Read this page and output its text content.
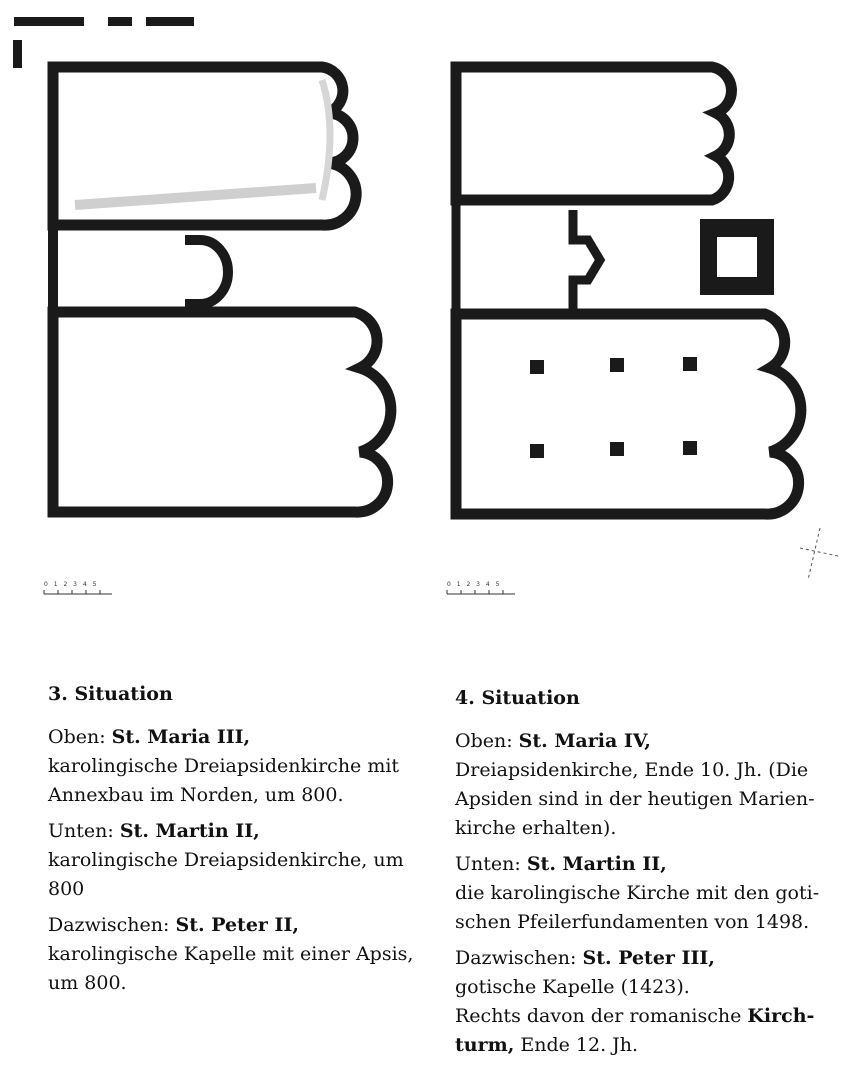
0 1 2 3 4 5	0 1 2 3 4 5

3. Situation

Oben: St. Maria III,
karolingische Dreiapsidenkirche mit
Annexbau im Norden, um 800.

Unten: St. Martin II,
karolingische Dreiapsidenkirche, um
800

Dazwischen: St. Peter II,
karolingische Kapelle mit einer Apsis,
um 800.

4. Situation

Oben: St. Maria IV,
Dreiapsidenkirche, Ende 10. Jh. (Die
Apsiden sind in der heutigen Marien-
kirche erhalten).

Unten: St. Martin II,
die karolingische Kirche mit den goti-
schen Pfeilerfundamenten von 1498.

Dazwischen: St. Peter III,
gotische Kapelle (1423).
Rechts davon der romanische Kirch-
turm, Ende 12. Jh.
